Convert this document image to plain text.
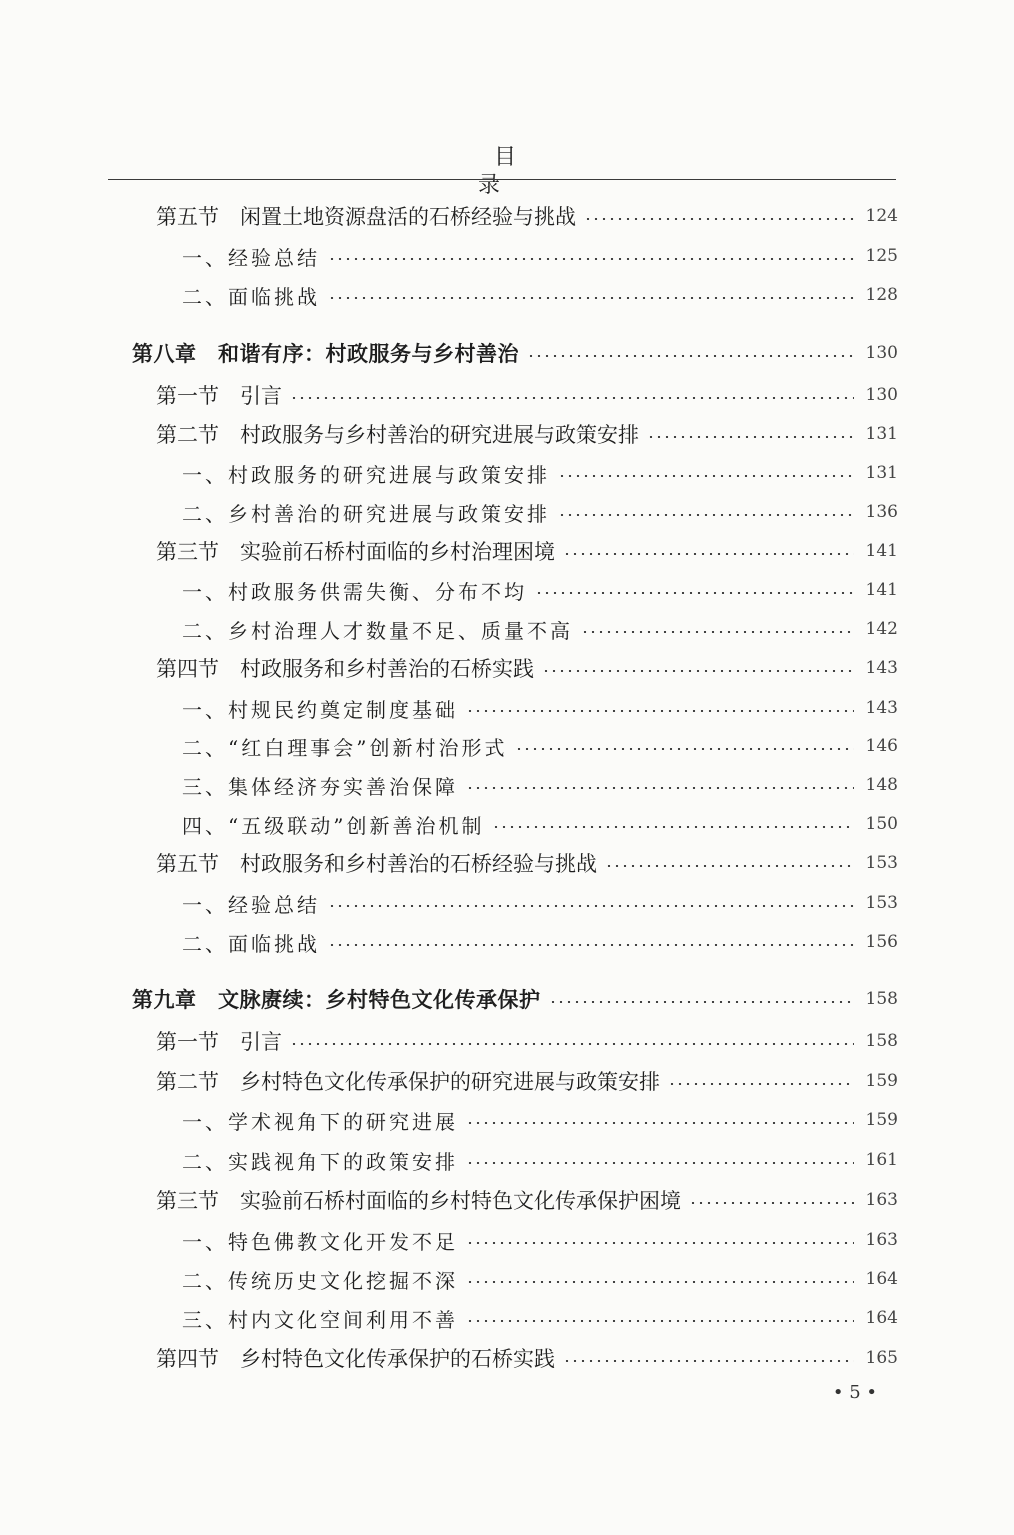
目 录
第五节　闲置土地资源盘活的石桥经验与挑战	124
一、经验总结	125
二、面临挑战	128
第八章　和谐有序：村政服务与乡村善治	130
第一节　引言	130
第二节　村政服务与乡村善治的研究进展与政策安排	131
一、村政服务的研究进展与政策安排	131
二、乡村善治的研究进展与政策安排	136
第三节　实验前石桥村面临的乡村治理困境	141
一、村政服务供需失衡、分布不均	141
二、乡村治理人才数量不足、质量不高	142
第四节　村政服务和乡村善治的石桥实践	143
一、村规民约奠定制度基础	143
二、“红白理事会”创新村治形式	146
三、集体经济夯实善治保障	148
四、“五级联动”创新善治机制	150
第五节　村政服务和乡村善治的石桥经验与挑战	153
一、经验总结	153
二、面临挑战	156
第九章　文脉赓续：乡村特色文化传承保护	158
第一节　引言	158
第二节　乡村特色文化传承保护的研究进展与政策安排	159
一、学术视角下的研究进展	159
二、实践视角下的政策安排	161
第三节　实验前石桥村面临的乡村特色文化传承保护困境	163
一、特色佛教文化开发不足	163
二、传统历史文化挖掘不深	164
三、村内文化空间利用不善	164
第四节　乡村特色文化传承保护的石桥实践	165
• 5 •
